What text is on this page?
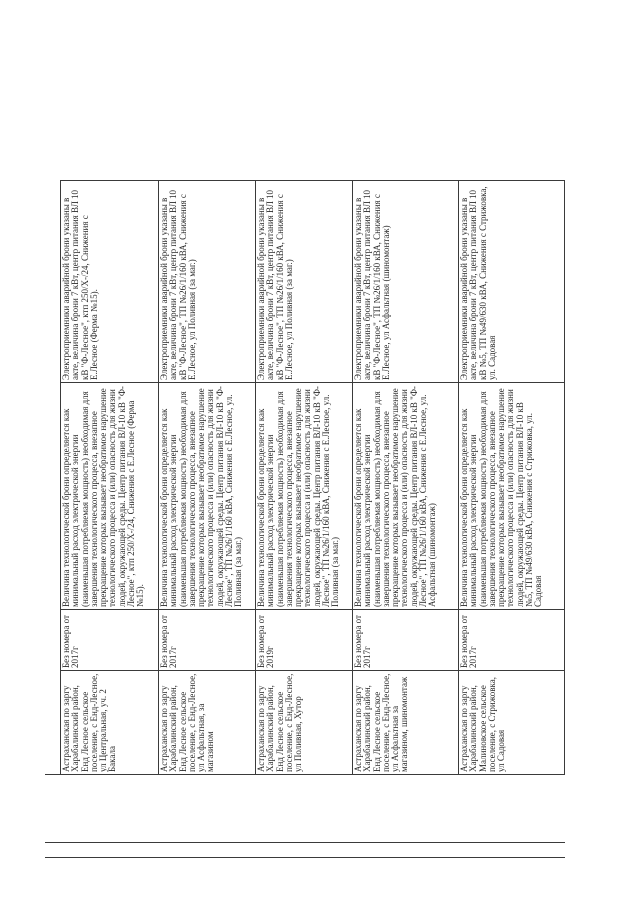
Астраханская по заргу Харабалинский район, Енд Лесное сельское поселение, с Енд-Лесное, ул Центральная, уч. 2 Бакала
Без номера от 2017г
Величина технологической брони определяется как минимальный расход электрической энергии (наименьшая потребляемая мощность) необходимая для завершения технологического процесса, внезапное прекращение которых вызывает необратимое нарушение технологического процесса и (или) опасность для жизни людей, окружающей среды. Центр питания ВЛ-10 кВ "Ф-Лесное", ктп 250/Х-/24, Снижения с Е.Лесное (Ферма №15).
Электроприемники аварийной брони указаны в акте, величина брони 7 кВт, центр питания ВЛ 10 кВ "Ф-Лесное", ктп 250/Х-/24, Снижения с Е.Лесное (Ферма №15).
Астраханская по заргу Харабалинский район, Енд Лесное сельское поселение, с Енд-Лесное, ул Асфальтная, за магазином
Без номера от 2017г
Величина технологической брони определяется как минимальный расход электрической энергии (наименьшая потребляемая мощность) необходимая для завершения технологического процесса, внезапное прекращение которых вызывает необратимое нарушение технологического процесса и (или) опасность для жизни людей, окружающей среды. Центр питания ВЛ-10 кВ "Ф-Лесное", ТП №26/1/160 кВА, Снижения с Е.Лесное, ул. Поливная (за маг.)
Электроприемники аварийной брони указаны в акте, величина брони 7 кВт, центр питания ВЛ 10 кВ "Ф-Лесное", ТП №26/1/160 кВА, Снижения с Е.Лесное, ул Поливная (за маг.)
Астраханская по заргу Харабалинский район, Енд Лесное сельское поселение, с Енд-Лесное, ул Поливная, Хутор
Без номера от 2019г
Величина технологической брони определяется как минимальный расход электрической энергии (наименьшая потребляемая мощность) необходимая для завершения технологического процесса, внезапное прекращение которых вызывает необратимое нарушение технологического процесса и (или) опасность для жизни людей, окружающей среды. Центр питания ВЛ-10 кВ "Ф-Лесное", ТП №26/1/160 кВА, Снижения с Е.Лесное, ул. Поливная (за маг.)
Электроприемники аварийной брони указаны в акте, величина брони 7 кВт, центр питания ВЛ 10 кВ "Ф-Лесное", ТП №26/1/160 кВА, Снижения с Е.Лесное, ул Поливная (за маг.)
Астраханская по заргу Харабалинский район, Енд Лесное сельское поселение, с Енд-Лесное, ул Асфальтная за магазином, шиномонтаж
Без номера от 2017г
Величина технологической брони определяется как минимальный расход электрической энергии (наименьшая потребляемая мощность) необходимая для завершения технологического процесса, внезапное прекращение которых вызывает необратимое нарушение технологического процесса и (или) опасность для жизни людей, окружающей среды. Центр питания ВЛ-10 кВ "Ф-Лесное", ТП №26/1/160 кВА, Снижения с Е.Лесное, ул. Асфальтная (шиномонтаж)
Электроприемники аварийной брони указаны в акте, величина брони 7 кВт, центр питания ВЛ 10 кВ "Ф-Лесное", ТП №26/1/160 кВА, Снижения с Е.Лесное, ул Асфальтная (шиномонтаж)
Астраханская по заргу Харабалинский район, Малиновское сельское поселение, с Стрижовка, ул Садовая
Без номера от 2017г
Величина технологической брони определяется как минимальный расход электрической энергии (наименьшая потребляемая мощность) необходимая для завершения технологического процесса, внезапное прекращение которых вызывает необратимое нарушение технологического процесса и (или) опасность для жизни людей, окружающей среды. Центр питания ВЛ-10 кВ №5, ТП №49/630 кВА, Снижения с Стрижовка, ул. Садовая
Электроприемники аварийной брони указаны в акте, величина брони 7 кВт, центр питания ВЛ 10 кВ №5, ТП №49/630 кВА, Снижения с Стрижовка, ул. Садовая
